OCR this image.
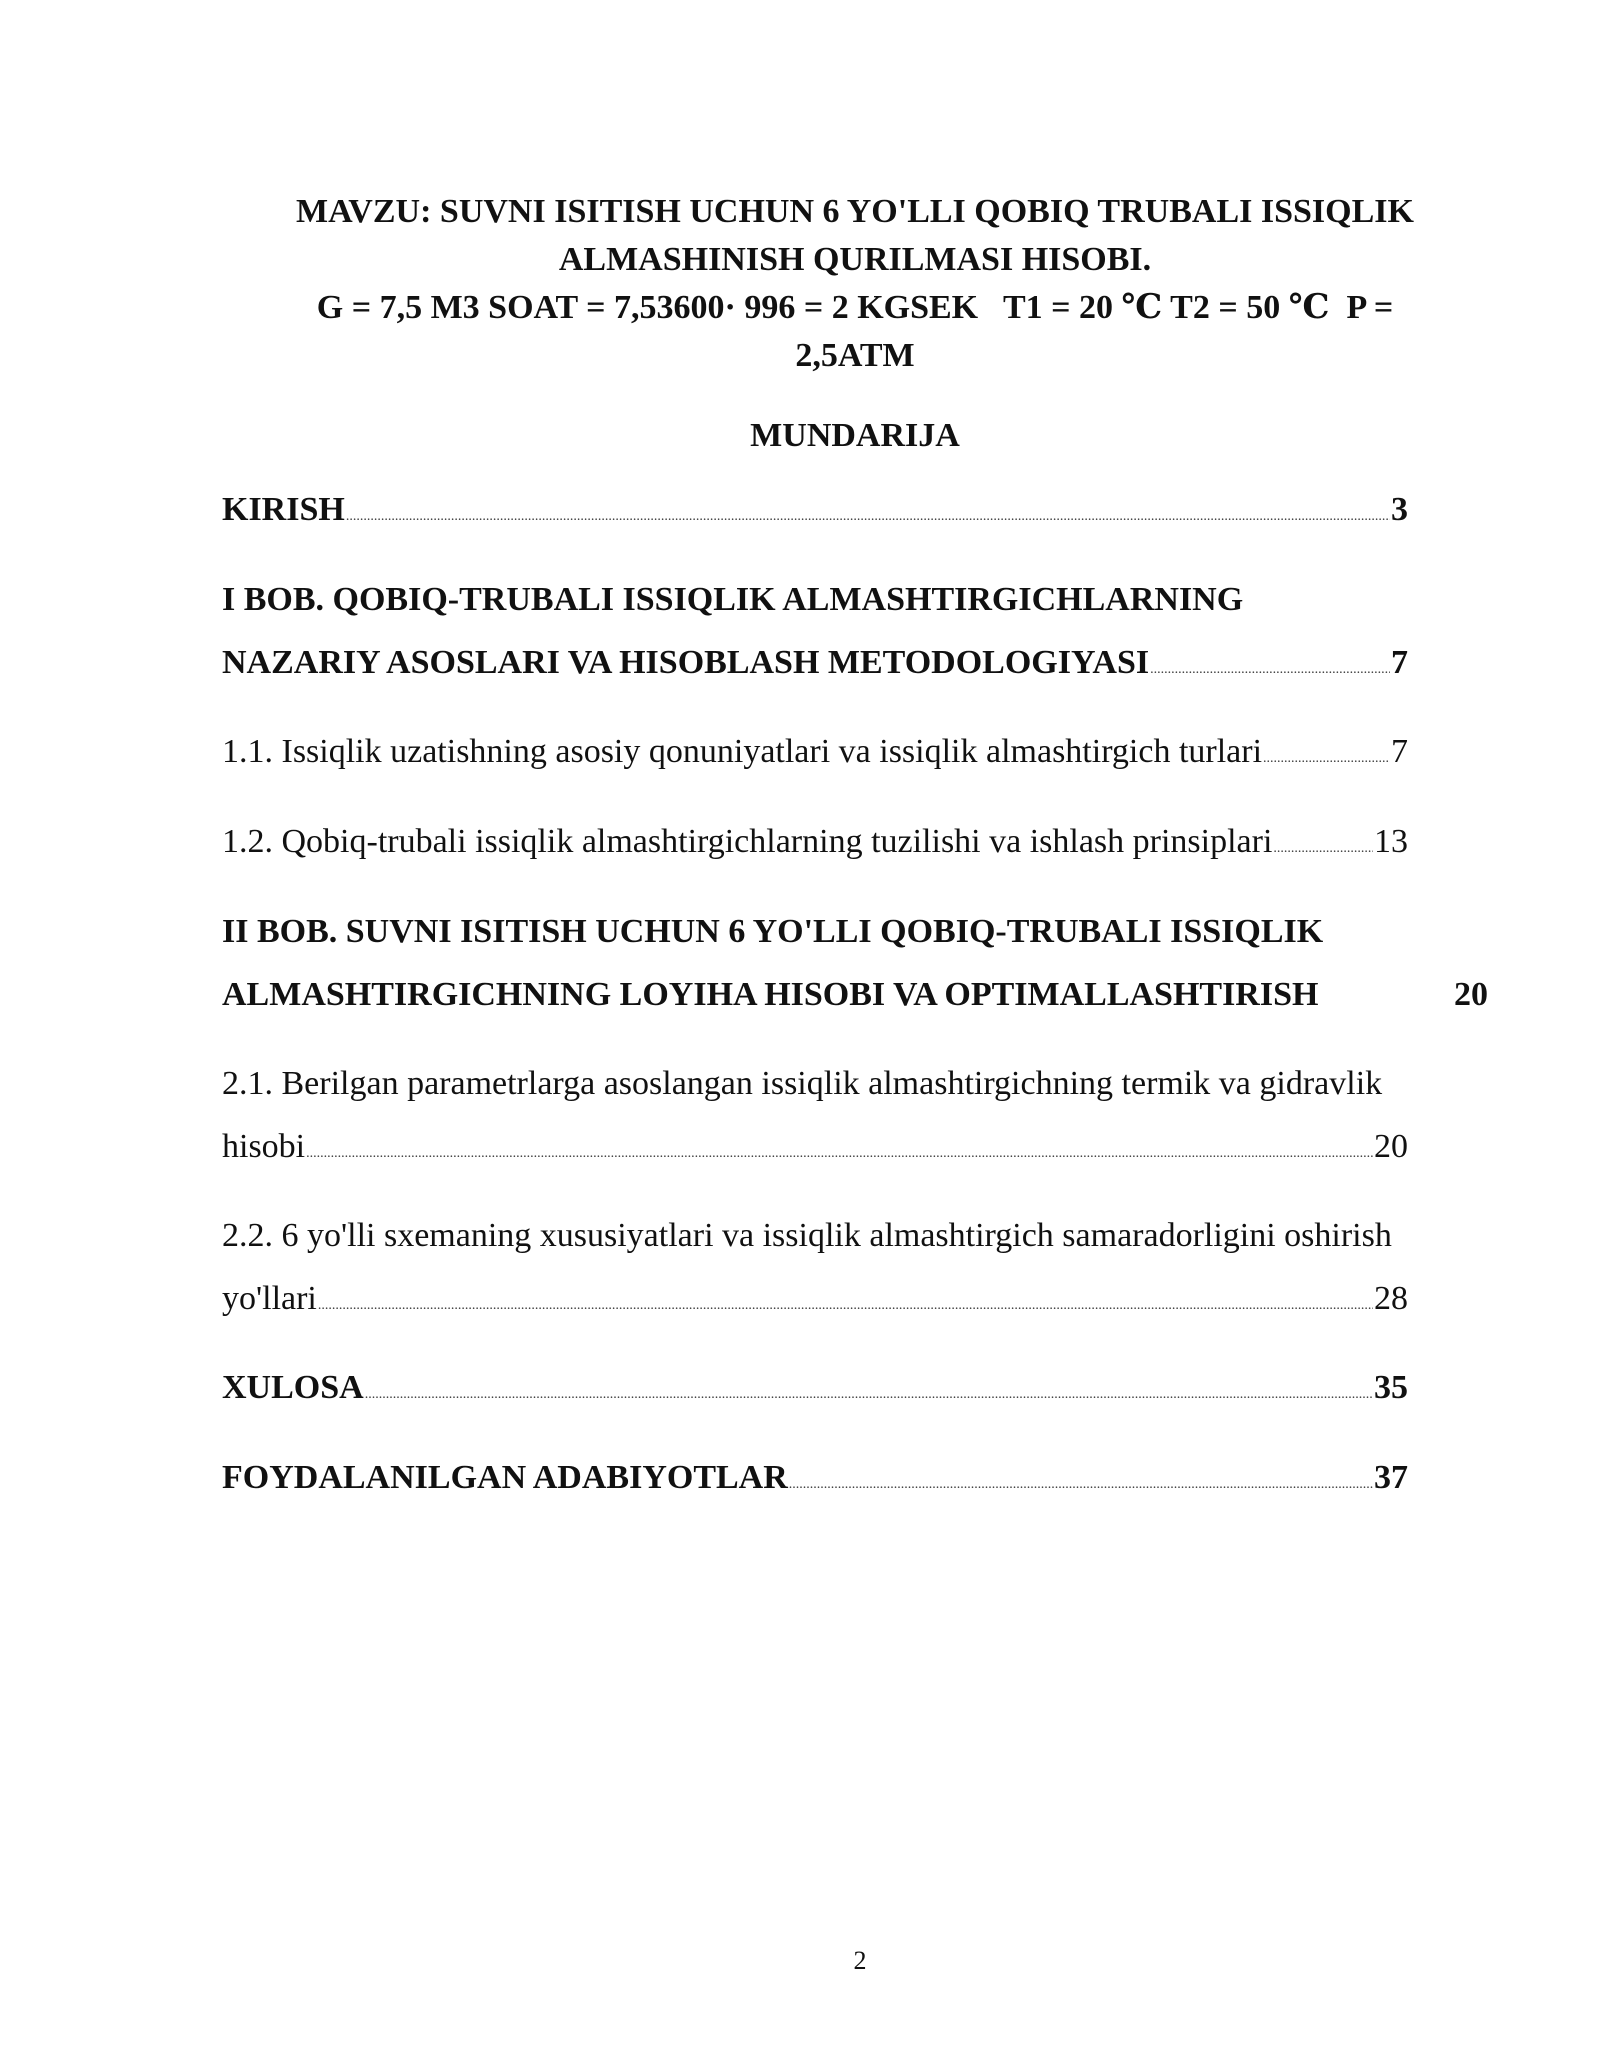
MAVZU: SUVNI ISITISH UCHUN 6 YO'LLI QOBIQ TRUBALI ISSIQLIK
ALMASHINISH QURILMASI HISOBI.
G = 7,5 M3 SOAT = 7,53600· 996 = 2 KGSEK   T1 = 20 ℃ T2 = 50 ℃  P =
2,5ATM
MUNDARIJA
KIRISH .....	3
I BOB. QOBIQ-TRUBALI ISSIQLIK ALMASHTIRGICHLARNING
NAZARIY ASOSLARI VA HISOBLASH METODOLOGIYASI .....	7
1.1. Issiqlik uzatishning asosiy qonuniyatlari va issiqlik almashtirgich turlari .....	7
1.2. Qobiq-trubali issiqlik almashtirgichlarning tuzilishi va ishlash prinsiplari .....	13
II BOB. SUVNI ISITISH UCHUN 6 YO'LLI QOBIQ-TRUBALI ISSIQLIK
ALMASHTIRGICHNING LOYIHA HISOBI VA OPTIMALLASHTIRISH	20
2.1. Berilgan parametrlarga asoslangan issiqlik almashtirgichning termik va gidravlik
hisobi .....	20
2.2. 6 yo'lli sxemaning xususiyatlari va issiqlik almashtirgich samaradorligini oshirish
yo'llari .....	28
XULOSA .....	35
FOYDALANILGAN ADABIYOTLAR .....	37
2
